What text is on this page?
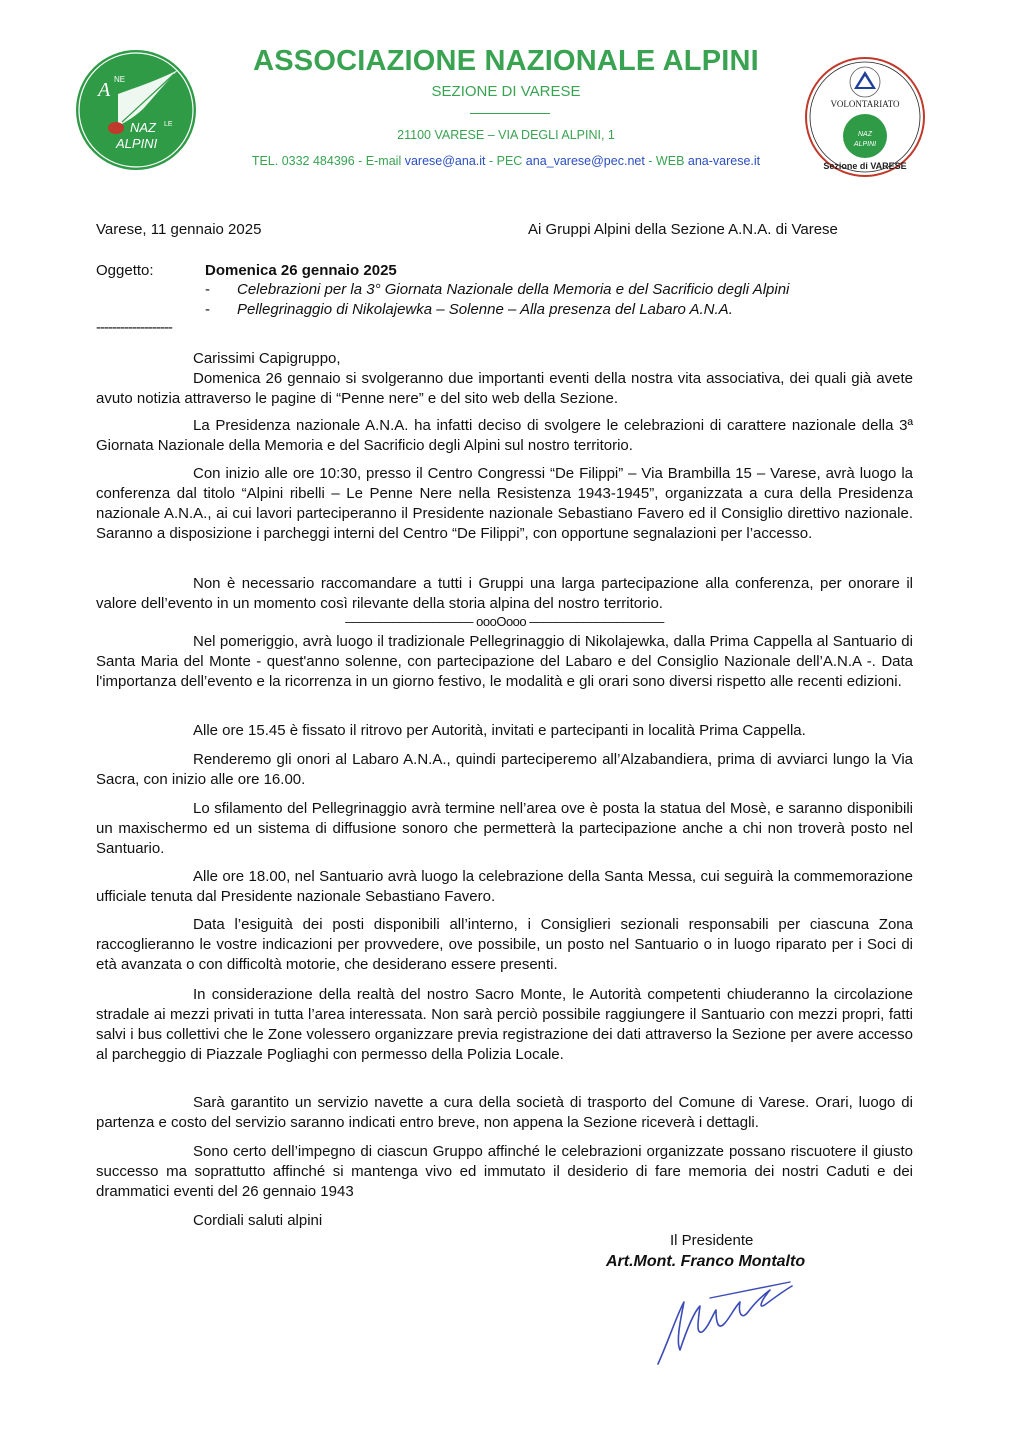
A NE
NAZ LE
ALPINI
ASSOCIAZIONE NAZIONALE ALPINI
SEZIONE DI VARESE
21100 VARESE – VIA DEGLI ALPINI, 1
TEL. 0332 484396 - E-mail varese@ana.it - PEC ana_varese@pec.net - WEB ana-varese.it
VOLONTARIATO
NAZ
ALPINI
Sezione di VARESE
Varese, 11 gennaio 2025	Ai Gruppi Alpini della Sezione A.N.A. di Varese
Oggetto:	Domenica 26 gennaio 2025
- Celebrazioni per la 3° Giornata Nazionale della Memoria e del Sacrificio degli Alpini
- Pellegrinaggio di Nikolajewka – Solenne – Alla presenza del Labaro A.N.A.
-------------------
Carissimi Capigruppo,

Domenica 26 gennaio si svolgeranno due importanti eventi della nostra vita associativa, dei quali già avete avuto notizia attraverso le pagine di “Penne nere” e del sito web della Sezione.

La Presidenza nazionale A.N.A. ha infatti deciso di svolgere le celebrazioni di carattere nazionale della 3ª Giornata Nazionale della Memoria e del Sacrificio degli Alpini sul nostro territorio.

Con inizio alle ore 10:30, presso il Centro Congressi “De Filippi” – Via Brambilla 15 – Varese, avrà luogo la conferenza dal titolo “Alpini ribelli – Le Penne Nere nella Resistenza 1943-1945”, organizzata a cura della Presidenza nazionale A.N.A., ai cui lavori parteciperanno il Presidente nazionale Sebastiano Favero ed il Consiglio direttivo nazionale. Saranno a disposizione i parcheggi interni del Centro “De Filippi”, con opportune segnalazioni per l’accesso.

Non è necessario raccomandare a tutti i Gruppi una larga partecipazione alla conferenza, per onorare il valore dell’evento in un momento così rilevante della storia alpina del nostro territorio.

––––––––––––––––––– oooOooo ––––––––––––––––––––

Nel pomeriggio, avrà luogo il tradizionale Pellegrinaggio di Nikolajewka, dalla Prima Cappella al Santuario di Santa Maria del Monte - quest'anno solenne, con partecipazione del Labaro e del Consiglio Nazionale dell’A.N.A -. Data l'importanza dell’evento e la ricorrenza in un giorno festivo, le modalità e gli orari sono diversi rispetto alle recenti edizioni.

Alle ore 15.45 è fissato il ritrovo per Autorità, invitati e partecipanti in località Prima Cappella.

Renderemo gli onori al Labaro A.N.A., quindi parteciperemo all’Alzabandiera, prima di avviarci lungo la Via Sacra, con inizio alle ore 16.00.

Lo sfilamento del Pellegrinaggio avrà termine nell’area ove è posta la statua del Mosè, e saranno disponibili un maxischermo ed un sistema di diffusione sonoro che permetterà la partecipazione anche a chi non troverà posto nel Santuario.

Alle ore 18.00, nel Santuario avrà luogo la celebrazione della Santa Messa, cui seguirà la commemorazione ufficiale tenuta dal Presidente nazionale Sebastiano Favero.

Data l’esiguità dei posti disponibili all’interno, i Consiglieri sezionali responsabili per ciascuna Zona raccoglieranno le vostre indicazioni per provvedere, ove possibile, un posto nel Santuario o in luogo riparato per i Soci di età avanzata o con difficoltà motorie, che desiderano essere presenti.

In considerazione della realtà del nostro Sacro Monte, le Autorità competenti chiuderanno la circolazione stradale ai mezzi privati in tutta l’area interessata. Non sarà perciò possibile raggiungere il Santuario con mezzi propri, fatti salvi i bus collettivi che le Zone volessero organizzare previa registrazione dei dati attraverso la Sezione per avere accesso al parcheggio di Piazzale Pogliaghi con permesso della Polizia Locale.

Sarà garantito un servizio navette a cura della società di trasporto del Comune di Varese. Orari, luogo di partenza e costo del servizio saranno indicati entro breve, non appena la Sezione riceverà i dettagli.

Sono certo dell’impegno di ciascun Gruppo affinché le celebrazioni organizzate possano riscuotere il giusto successo ma soprattutto affinché si mantenga vivo ed immutato il desiderio di fare memoria dei nostri Caduti e dei drammatici eventi del 26 gennaio 1943

Cordiali saluti alpini
Il Presidente
Art.Mont. Franco Montalto
